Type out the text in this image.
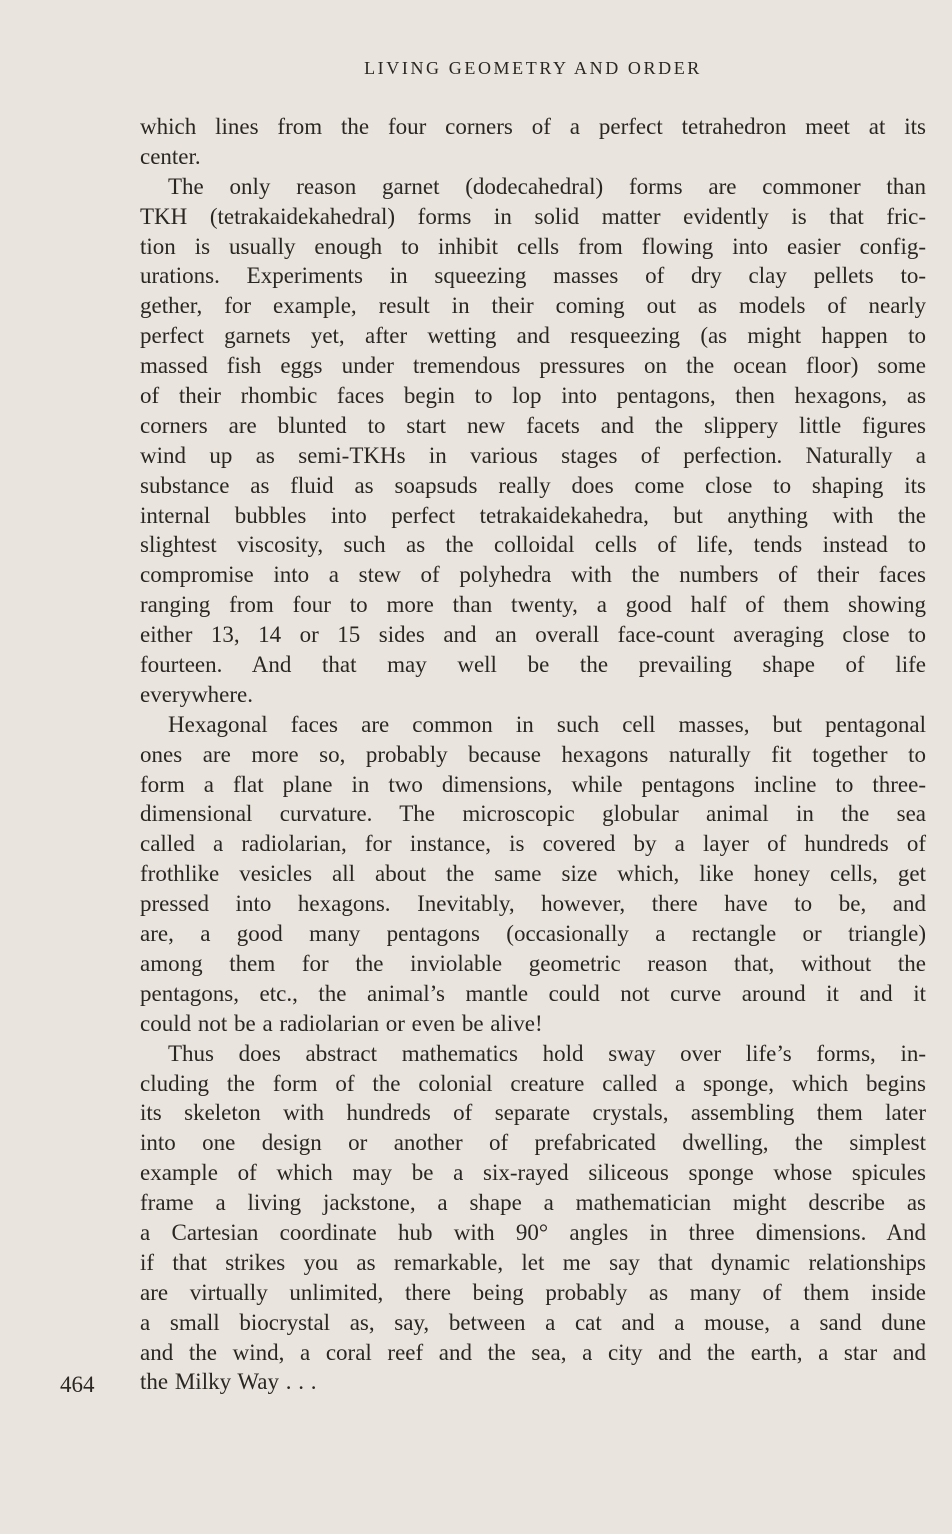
LIVING GEOMETRY AND ORDER
which lines from the four corners of a perfect tetrahedron meet at its
center.
The only reason garnet (dodecahedral) forms are commoner than
TKH (tetrakaidekahedral) forms in solid matter evidently is that fric-
tion is usually enough to inhibit cells from flowing into easier config-
urations. Experiments in squeezing masses of dry clay pellets to-
gether, for example, result in their coming out as models of nearly
perfect garnets yet, after wetting and resqueezing (as might happen to
massed fish eggs under tremendous pressures on the ocean floor) some
of their rhombic faces begin to lop into pentagons, then hexagons, as
corners are blunted to start new facets and the slippery little figures
wind up as semi-TKHs in various stages of perfection. Naturally a
substance as fluid as soapsuds really does come close to shaping its
internal bubbles into perfect tetrakaidekahedra, but anything with the
slightest viscosity, such as the colloidal cells of life, tends instead to
compromise into a stew of polyhedra with the numbers of their faces
ranging from four to more than twenty, a good half of them showing
either 13, 14 or 15 sides and an overall face-count averaging close to
fourteen. And that may well be the prevailing shape of life
everywhere.
Hexagonal faces are common in such cell masses, but pentagonal
ones are more so, probably because hexagons naturally fit together to
form a flat plane in two dimensions, while pentagons incline to three-
dimensional curvature. The microscopic globular animal in the sea
called a radiolarian, for instance, is covered by a layer of hundreds of
frothlike vesicles all about the same size which, like honey cells, get
pressed into hexagons. Inevitably, however, there have to be, and
are, a good many pentagons (occasionally a rectangle or triangle)
among them for the inviolable geometric reason that, without the
pentagons, etc., the animal’s mantle could not curve around it and it
could not be a radiolarian or even be alive!
Thus does abstract mathematics hold sway over life’s forms, in-
cluding the form of the colonial creature called a sponge, which begins
its skeleton with hundreds of separate crystals, assembling them later
into one design or another of prefabricated dwelling, the simplest
example of which may be a six-rayed siliceous sponge whose spicules
frame a living jackstone, a shape a mathematician might describe as
a Cartesian coordinate hub with 90° angles in three dimensions. And
if that strikes you as remarkable, let me say that dynamic relationships
are virtually unlimited, there being probably as many of them inside
a small biocrystal as, say, between a cat and a mouse, a sand dune
and the wind, a coral reef and the sea, a city and the earth, a star and
the Milky Way . . .
464
